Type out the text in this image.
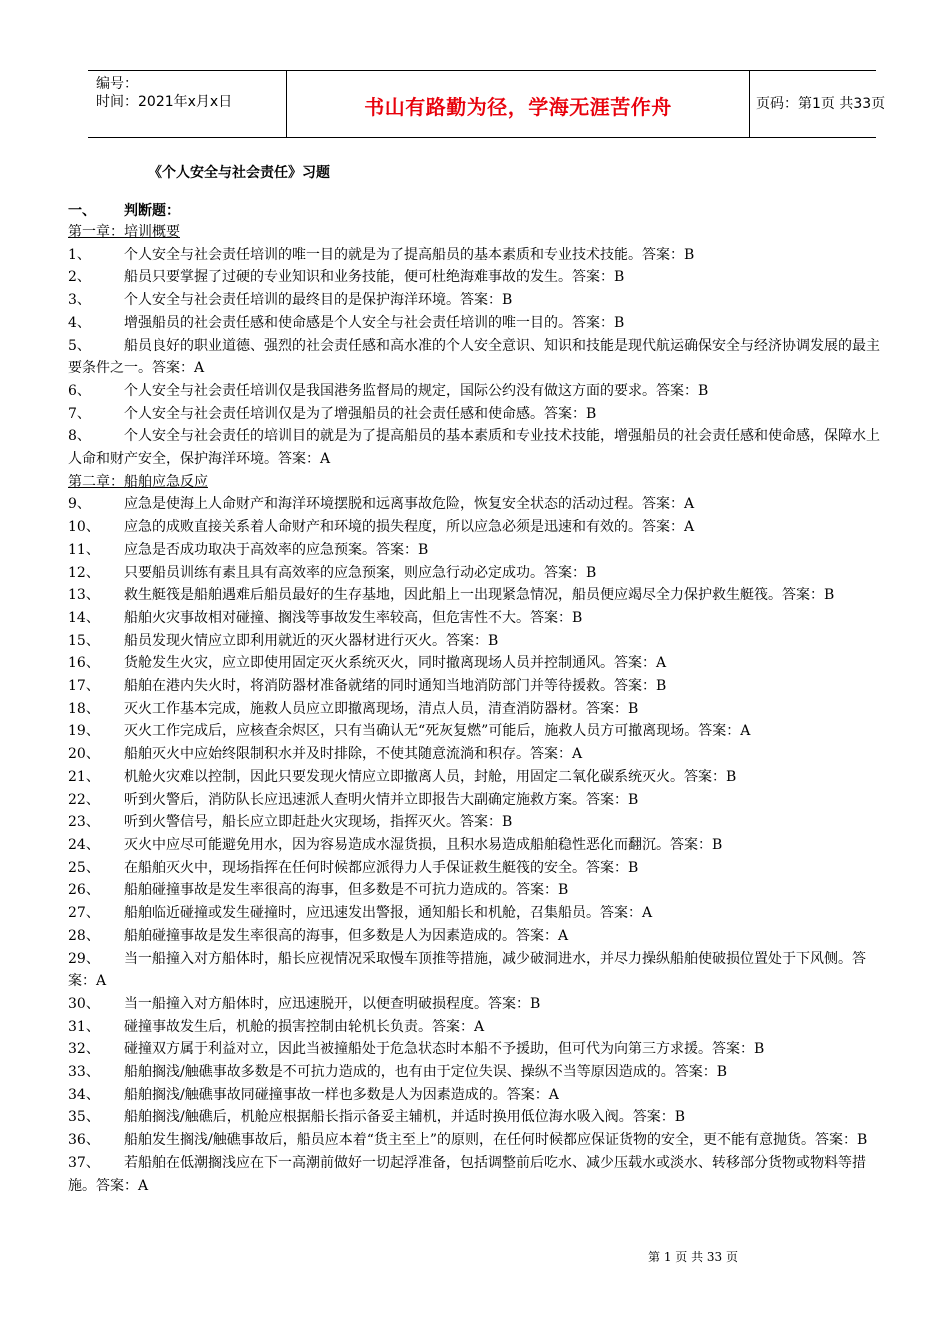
编号：
时间：2021年x月x日	书山有路勤为径，学海无涯苦作舟	页码：第1页 共33页
《个人安全与社会责任》习题
一、 判断题：
第一章：培训概要
1、 个人安全与社会责任培训的唯一目的就是为了提高船员的基本素质和专业技术技能。答案：B
2、 船员只要掌握了过硬的专业知识和业务技能，便可杜绝海难事故的发生。答案：B
3、 个人安全与社会责任培训的最终目的是保护海洋环境。答案：B
4、 增强船员的社会责任感和使命感是个人安全与社会责任培训的唯一目的。答案：B
5、 船员良好的职业道德、强烈的社会责任感和高水准的个人安全意识、知识和技能是现代航运确保安全与经济协调发展的最主要条件之一。答案：A
6、 个人安全与社会责任培训仅是我国港务监督局的规定，国际公约没有做这方面的要求。答案：B
7、 个人安全与社会责任培训仅是为了增强船员的社会责任感和使命感。答案：B
8、 个人安全与社会责任的培训目的就是为了提高船员的基本素质和专业技术技能，增强船员的社会责任感和使命感，保障水上人命和财产安全，保护海洋环境。答案：A
第二章：船舶应急反应
9、 应急是使海上人命财产和海洋环境摆脱和远离事故危险，恢复安全状态的活动过程。答案：A
10、 应急的成败直接关系着人命财产和环境的损失程度，所以应急必须是迅速和有效的。答案：A
11、 应急是否成功取决于高效率的应急预案。答案：B
12、 只要船员训练有素且具有高效率的应急预案，则应急行动必定成功。答案：B
13、 救生艇筏是船舶遇难后船员最好的生存基地，因此船上一出现紧急情况，船员便应竭尽全力保护救生艇筏。答案：B
14、 船舶火灾事故相对碰撞、搁浅等事故发生率较高，但危害性不大。答案：B
15、 船员发现火情应立即利用就近的灭火器材进行灭火。答案：B
16、 货舱发生火灾，应立即使用固定灭火系统灭火，同时撤离现场人员并控制通风。答案：A
17、 船舶在港内失火时，将消防器材准备就绪的同时通知当地消防部门并等待援救。答案：B
18、 灭火工作基本完成，施救人员应立即撤离现场，清点人员，清查消防器材。答案：B
19、 灭火工作完成后，应核查余烬区，只有当确认无“死灰复燃”可能后，施救人员方可撤离现场。答案：A
20、 船舶灭火中应始终限制积水并及时排除，不使其随意流淌和积存。答案：A
21、 机舱火灾难以控制，因此只要发现火情应立即撤离人员，封舱，用固定二氧化碳系统灭火。答案：B
22、 听到火警后，消防队长应迅速派人查明火情并立即报告大副确定施救方案。答案：B
23、 听到火警信号，船长应立即赶赴火灾现场，指挥灭火。答案：B
24、 灭火中应尽可能避免用水，因为容易造成水湿货损，且积水易造成船舶稳性恶化而翻沉。答案：B
25、 在船舶灭火中，现场指挥在任何时候都应派得力人手保证救生艇筏的安全。答案：B
26、 船舶碰撞事故是发生率很高的海事，但多数是不可抗力造成的。答案：B
27、 船舶临近碰撞或发生碰撞时，应迅速发出警报，通知船长和机舱，召集船员。答案：A
28、 船舶碰撞事故是发生率很高的海事，但多数是人为因素造成的。答案：A
29、 当一船撞入对方船体时，船长应视情况采取慢车顶推等措施，减少破洞进水，并尽力操纵船舶使破损位置处于下风侧。答案：A
30、 当一船撞入对方船体时，应迅速脱开，以便查明破损程度。答案：B
31、 碰撞事故发生后，机舱的损害控制由轮机长负责。答案：A
32、 碰撞双方属于利益对立，因此当被撞船处于危急状态时本船不予援助，但可代为向第三方求援。答案：B
33、 船舶搁浅/触礁事故多数是不可抗力造成的，也有由于定位失误、操纵不当等原因造成的。答案：B
34、 船舶搁浅/触礁事故同碰撞事故一样也多数是人为因素造成的。答案：A
35、 船舶搁浅/触礁后，机舱应根据船长指示备妥主辅机，并适时换用低位海水吸入阀。答案：B
36、 船舶发生搁浅/触礁事故后，船员应本着“货主至上”的原则，在任何时候都应保证货物的安全，更不能有意抛货。答案：B
37、 若船舶在低潮搁浅应在下一高潮前做好一切起浮准备，包括调整前后吃水、减少压载水或淡水、转移部分货物或物料等措施。答案：A
第 1 页 共 33 页
